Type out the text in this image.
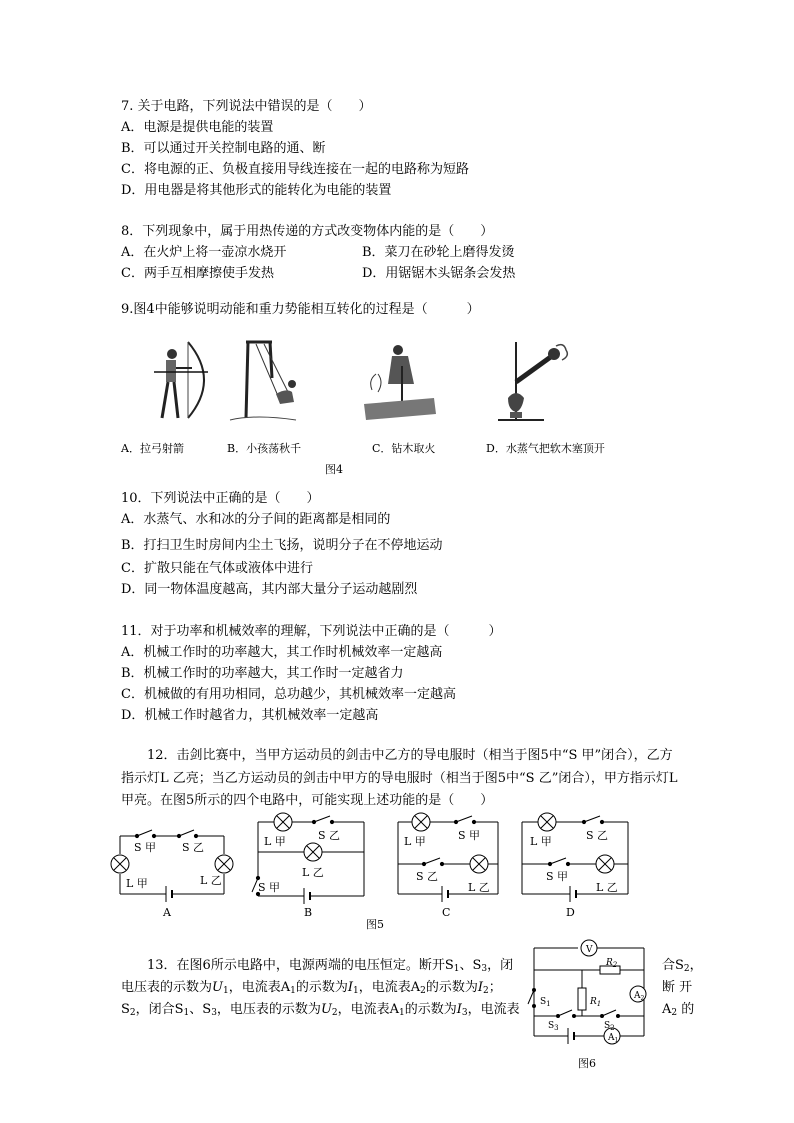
7. 关于电路，下列说法中错误的是（　　）
A．电源是提供电能的装置
B．可以通过开关控制电路的通、断
C．将电源的正、负极直接用导线连接在一起的电路称为短路
D．用电器是将其他形式的能转化为电能的装置
8．下列现象中，属于用热传递的方式改变物体内能的是（　　）
A．在火炉上将一壶凉水烧开	B．菜刀在砂轮上磨得发烫
C．两手互相摩擦使手发热	D．用锯锯木头锯条会发热
9.图4中能够说明动能和重力势能相互转化的过程是（　　　）
A．拉弓射箭	B．小孩荡秋千	C．钻木取火	D．水蒸气把软木塞顶开
图4
10．下列说法中正确的是（　　）
A．水蒸气、水和冰的分子间的距离都是相同的
B．打扫卫生时房间内尘土飞扬，说明分子在不停地运动
C．扩散只能在气体或液体中进行
D．同一物体温度越高，其内部大量分子运动越剧烈
11．对于功率和机械效率的理解，下列说法中正确的是（　　　）
A．机械工作时的功率越大，其工作时机械效率一定越高
B．机械工作时的功率越大，其工作时一定越省力
C．机械做的有用功相同，总功越少，其机械效率一定越高
D．机械工作时越省力，其机械效率一定越高
12．击剑比赛中，当甲方运动员的剑击中乙方的导电服时（相当于图5中“S 甲”闭合），乙方
指示灯L 乙亮；当乙方运动员的剑击中甲方的导电服时（相当于图5中“S 乙”闭合），甲方指示灯L
甲亮。在图5所示的四个电路中，可能实现上述功能的是（　　）
S 甲 S 乙
L 甲	L 乙
A
S 乙
L 甲
L 乙
S 甲
B
S 甲
L 甲
S 乙
L 乙
C
S 乙
L 甲
S 甲
L 乙
D
图5
13．在图6所示电路中，电源两端的电压恒定。断开$S_1$、$S_3$，闭	合$S_2$，
电压表的示数为$U_1$，电流表$A_1$的示数为$I_1$，电流表$A_2$的示数为$I_2$；	断 开
$S_2$，闭合$S_1$、$S_3$，电压表的示数为$U_2$，电流表$A_1$的示数为$I_3$，电流表	$A_2$ 的
V
$R_2$
$R_1$
$A_2$
$A_1$
$S_1$
$S_3$	$S_2$
图6
